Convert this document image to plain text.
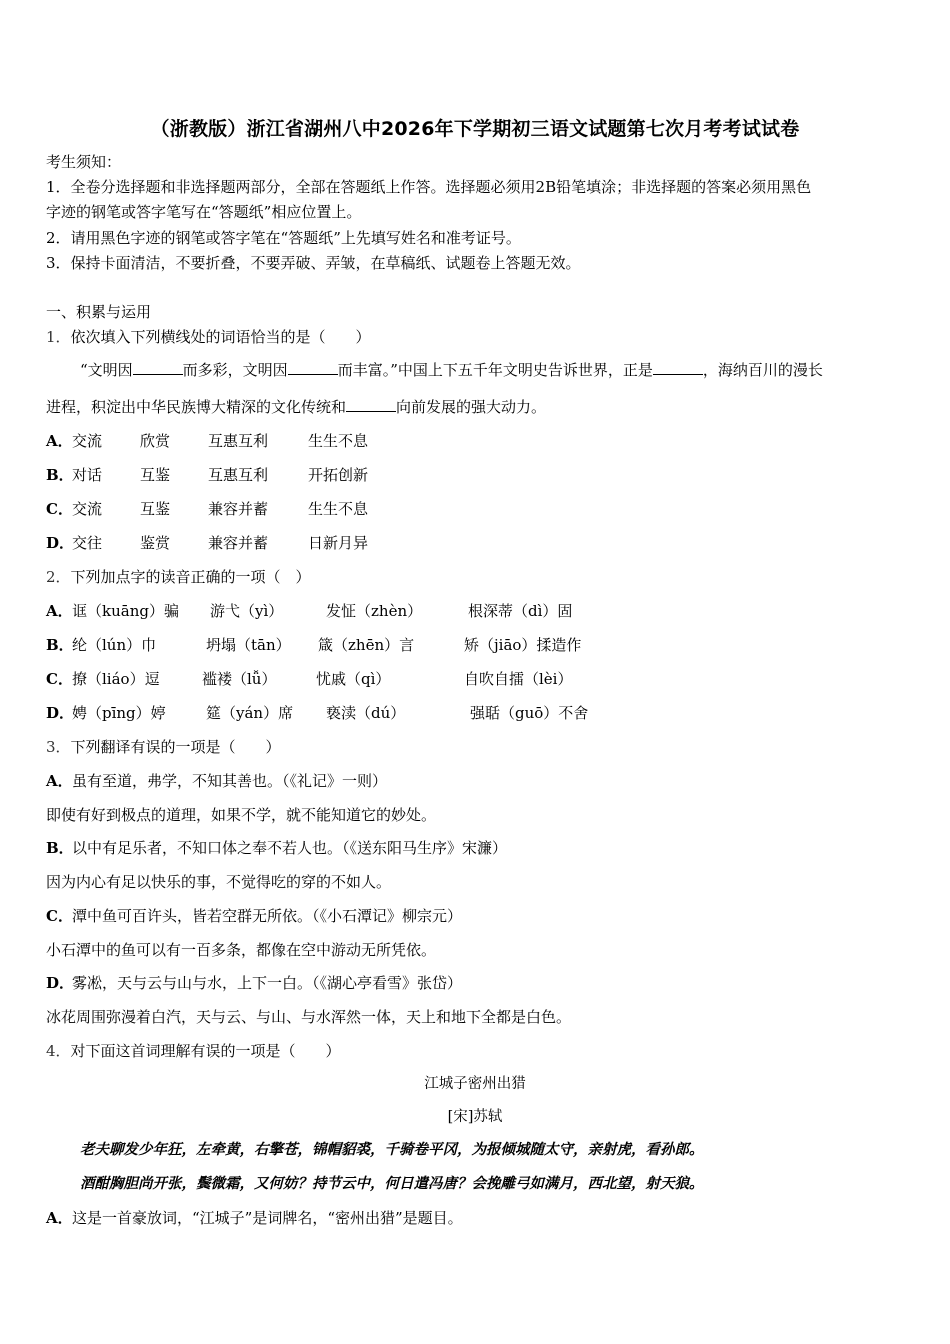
（浙教版）浙江省湖州八中2026年下学期初三语文试题第七次月考考试试卷
考生须知：
1．全卷分选择题和非选择题两部分，全部在答题纸上作答。选择题必须用2B铅笔填涂；非选择题的答案必须用黑色
字迹的钢笔或答字笔写在“答题纸”相应位置上。
2．请用黑色字迹的钢笔或答字笔在“答题纸”上先填写姓名和准考证号。
3．保持卡面清洁，不要折叠，不要弄破、弄皱，在草稿纸、试题卷上答题无效。
一、积累与运用
1．依次填入下列横线处的词语恰当的是（　　）
“文明因	而多彩，文明因	而丰富。”中国上下五千年文明史告诉世界，正是	，海纳百川的漫长
进程，积淀出中华民族博大精深的文化传统和	向前发展的强大动力。
A．交流	欣赏	互惠互利	生生不息
B．对话	互鉴	互惠互利	开拓创新
C．交流	互鉴	兼容并蓄	生生不息
D．交往	鉴赏	兼容并蓄	日新月异
2．下列加点字的读音正确的一项（　）
A．诓（kuāng）骗 游弋（yì）	发怔（zhèn）	根深蒂（dì）固
B．纶（lún）巾	坍塌（tān） 箴（zhēn）言	矫（jiāo）揉造作
C．撩（liáo）逗	褴褛（lǚ）	忧戚（qì）	自吹自擂（lèi）
D．娉（pīng）婷	筵（yán）席 亵渎（dú）	强聒（guō）不舍
3．下列翻译有误的一项是（　　）
A．虽有至道，弗学，不知其善也。（《礼记》一则）
即使有好到极点的道理，如果不学，就不能知道它的妙处。
B．以中有足乐者，不知口体之奉不若人也。（《送东阳马生序》宋濂）
因为内心有足以快乐的事，不觉得吃的穿的不如人。
C．潭中鱼可百许头，皆若空群无所依。（《小石潭记》柳宗元）
小石潭中的鱼可以有一百多条，都像在空中游动无所凭依。
D．雾凇，天与云与山与水，上下一白。（《湖心亭看雪》张岱）
冰花周围弥漫着白汽，天与云、与山、与水浑然一体，天上和地下全都是白色。
4．对下面这首词理解有误的一项是（　　）
江城子密州出猎
[宋]苏轼
老夫聊发少年狂，左牵黄，右擎苍，锦帽貂裘，千骑卷平冈，为报倾城随太守，亲射虎，看孙郎。
酒酣胸胆尚开张，鬓微霜，又何妨？持节云中，何日遣冯唐？会挽雕弓如满月，西北望，射天狼。
A．这是一首豪放词，“江城子”是词牌名，“密州出猎”是题目。
